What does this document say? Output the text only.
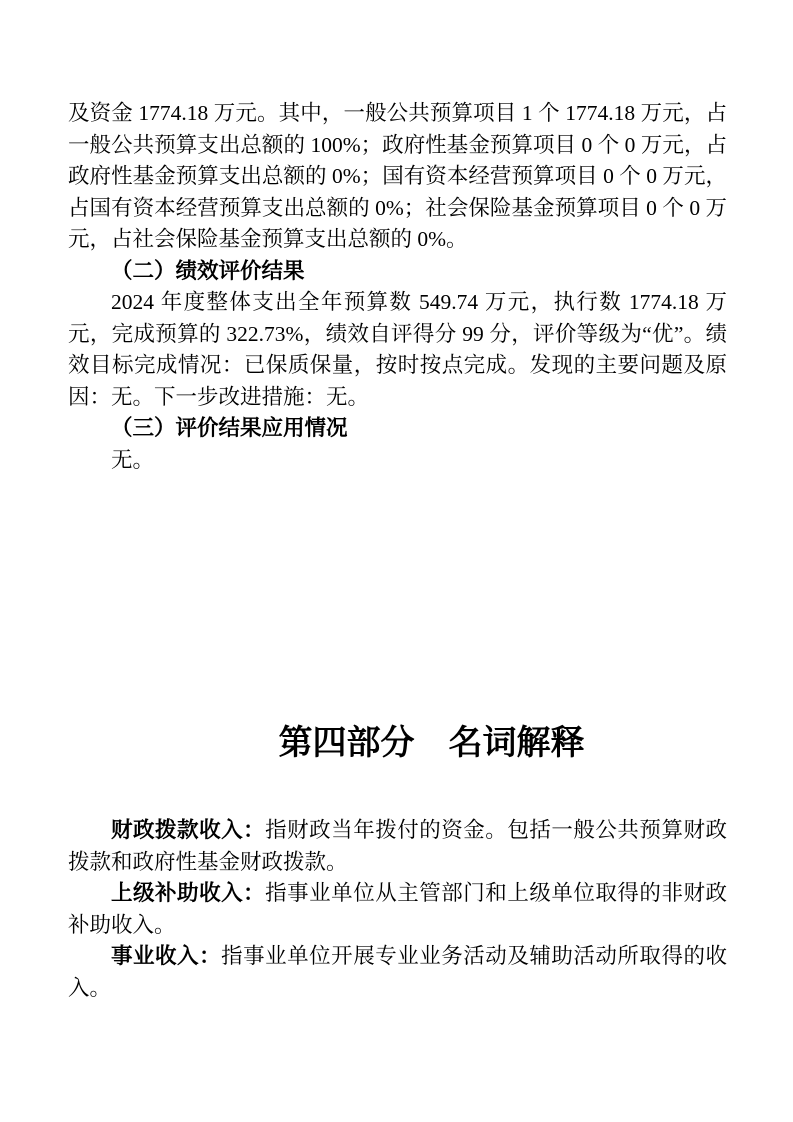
及资金 1774.18 万元。其中，一般公共预算项目 1 个 1774.18 万元，占一般公共预算支出总额的 100%；政府性基金预算项目 0 个 0 万元，占政府性基金预算支出总额的 0%；国有资本经营预算项目 0 个 0 万元，占国有资本经营预算支出总额的 0%；社会保险基金预算项目 0 个 0 万元，占社会保险基金预算支出总额的 0%。

（二）绩效评价结果

2024 年度整体支出全年预算数 549.74 万元，执行数 1774.18 万元，完成预算的 322.73%，绩效自评得分 99 分，评价等级为“优”。绩效目标完成情况：已保质保量，按时按点完成。发现的主要问题及原因：无。下一步改进措施：无。

（三）评价结果应用情况

无。

第四部分　名词解释

财政拨款收入：指财政当年拨付的资金。包括一般公共预算财政拨款和政府性基金财政拨款。

上级补助收入：指事业单位从主管部门和上级单位取得的非财政补助收入。

事业收入：指事业单位开展专业业务活动及辅助活动所取得的收入。
